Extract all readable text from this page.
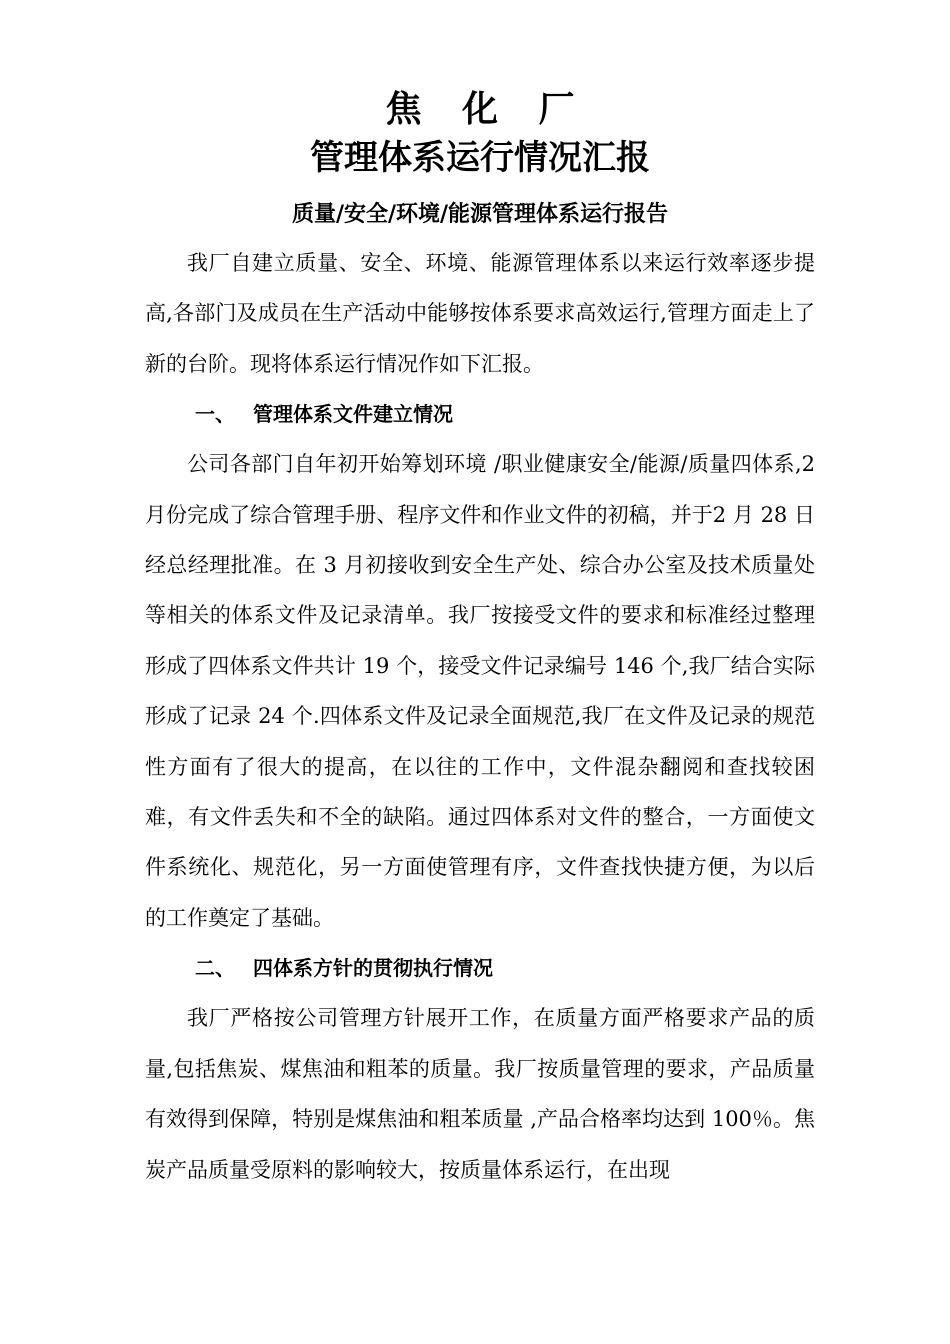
焦 化 厂
管理体系运行情况汇报
质量/安全/环境/能源管理体系运行报告

我厂自建立质量、安全、环境、能源管理体系以来运行效率逐步提高,各部门及成员在生产活动中能够按体系要求高效运行,管理方面走上了新的台阶。现将体系运行情况作如下汇报。

一、 管理体系文件建立情况

公司各部门自年初开始筹划环境 /职业健康安全/能源/质量四体系,2 月份完成了综合管理手册、程序文件和作业文件的初稿，并于2 月 28 日经总经理批准。在 3 月初接收到安全生产处、综合办公室及技术质量处等相关的体系文件及记录清单。我厂按接受文件的要求和标准经过整理形成了四体系文件共计 19 个，接受文件记录编号 146 个,我厂结合实际形成了记录 24 个.四体系文件及记录全面规范,我厂在文件及记录的规范性方面有了很大的提高，在以往的工作中，文件混杂翻阅和查找较困难，有文件丢失和不全的缺陷。通过四体系对文件的整合，一方面使文件系统化、规范化，另一方面使管理有序，文件查找快捷方便，为以后的工作奠定了基础。

二、 四体系方针的贯彻执行情况

我厂严格按公司管理方针展开工作，在质量方面严格要求产品的质量,包括焦炭、煤焦油和粗苯的质量。我厂按质量管理的要求，产品质量有效得到保障，特别是煤焦油和粗苯质量 ,产品合格率均达到 100％。焦炭产品质量受原料的影响较大，按质量体系运行，在出现
